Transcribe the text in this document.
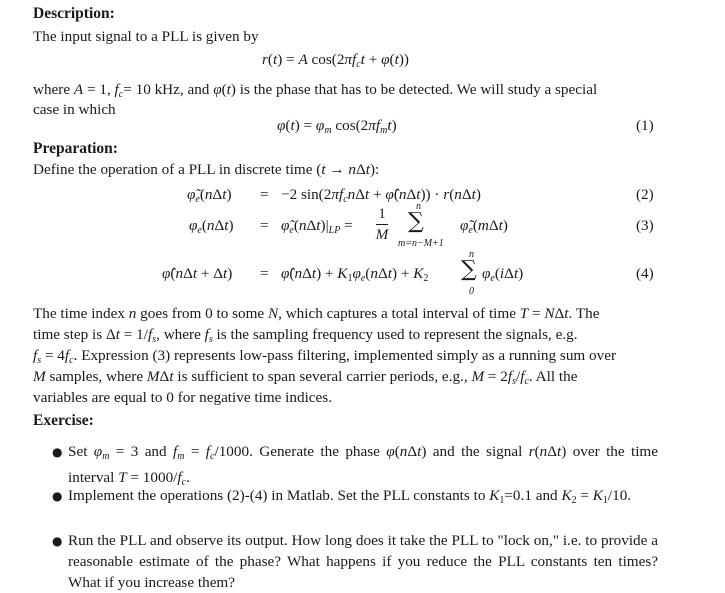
Description:
The input signal to a PLL is given by
r(t) = A $\cos(2\pi f_ct + \varphi(t))$
where A = 1, $f_c= 10$ kHz, and φ(t) is the phase that has to be detected. We will study a special
case in which
$\varphi(t) = \varphi_m$ $\cos(2\pi f_mt)$	(1)
Preparation:
Define the operation of a PLL in discrete time (t → nΔt):
$\varphĩ_e(n\Delta t) = -2$ $\sin(2\pi f_cn\Delta t$ + φ̂(nΔt)) · r(nΔt)	(2)
$\varphi_e(n\Delta t)$ = $\varphĩ_e(n\Delta t)|_{LP}$ =
1
M
n
∑
m=n−M+1
$\varphĩ_e(m\Delta t)$	(3)
φ̂(nΔt + Δt) = φ̂(nΔt) + $K_1\varphi_e(n\Delta t) + K_2$
n
∑
0
$\varphi_e(i\Delta t)$	(4)
The time index n goes from 0 to some N, which captures a total interval of time T = NΔt. The
time step is $\Delta t = 1/f_s$, where $f_s$ is the sampling frequency used to represent the signals, e.g.
$f_s = 4f_c$. Expression (3) represents low-pass filtering, implemented simply as a running sum over
M samples, where MΔt is sufficient to span several carrier periods, e.g., $M = 2f_s/f_c$. All the
variables are equal to 0 for negative time indices.
Exercise:
● Set $\varphi_m = 3$ and $f_m = f_c/1000$. Generate the phase φ(nΔt) and the signal r(nΔt) over the time interval $T = 1000/f_c$.
● Implement the operations (2)-(4) in Matlab. Set the PLL constants to $K_1=0.1$ and $K_2 = K_1/10$.
● Run the PLL and observe its output. How long does it take the PLL to "lock on," i.e. to provide a reasonable estimate of the phase? What happens if you reduce the PLL constants ten times? What if you increase them?
